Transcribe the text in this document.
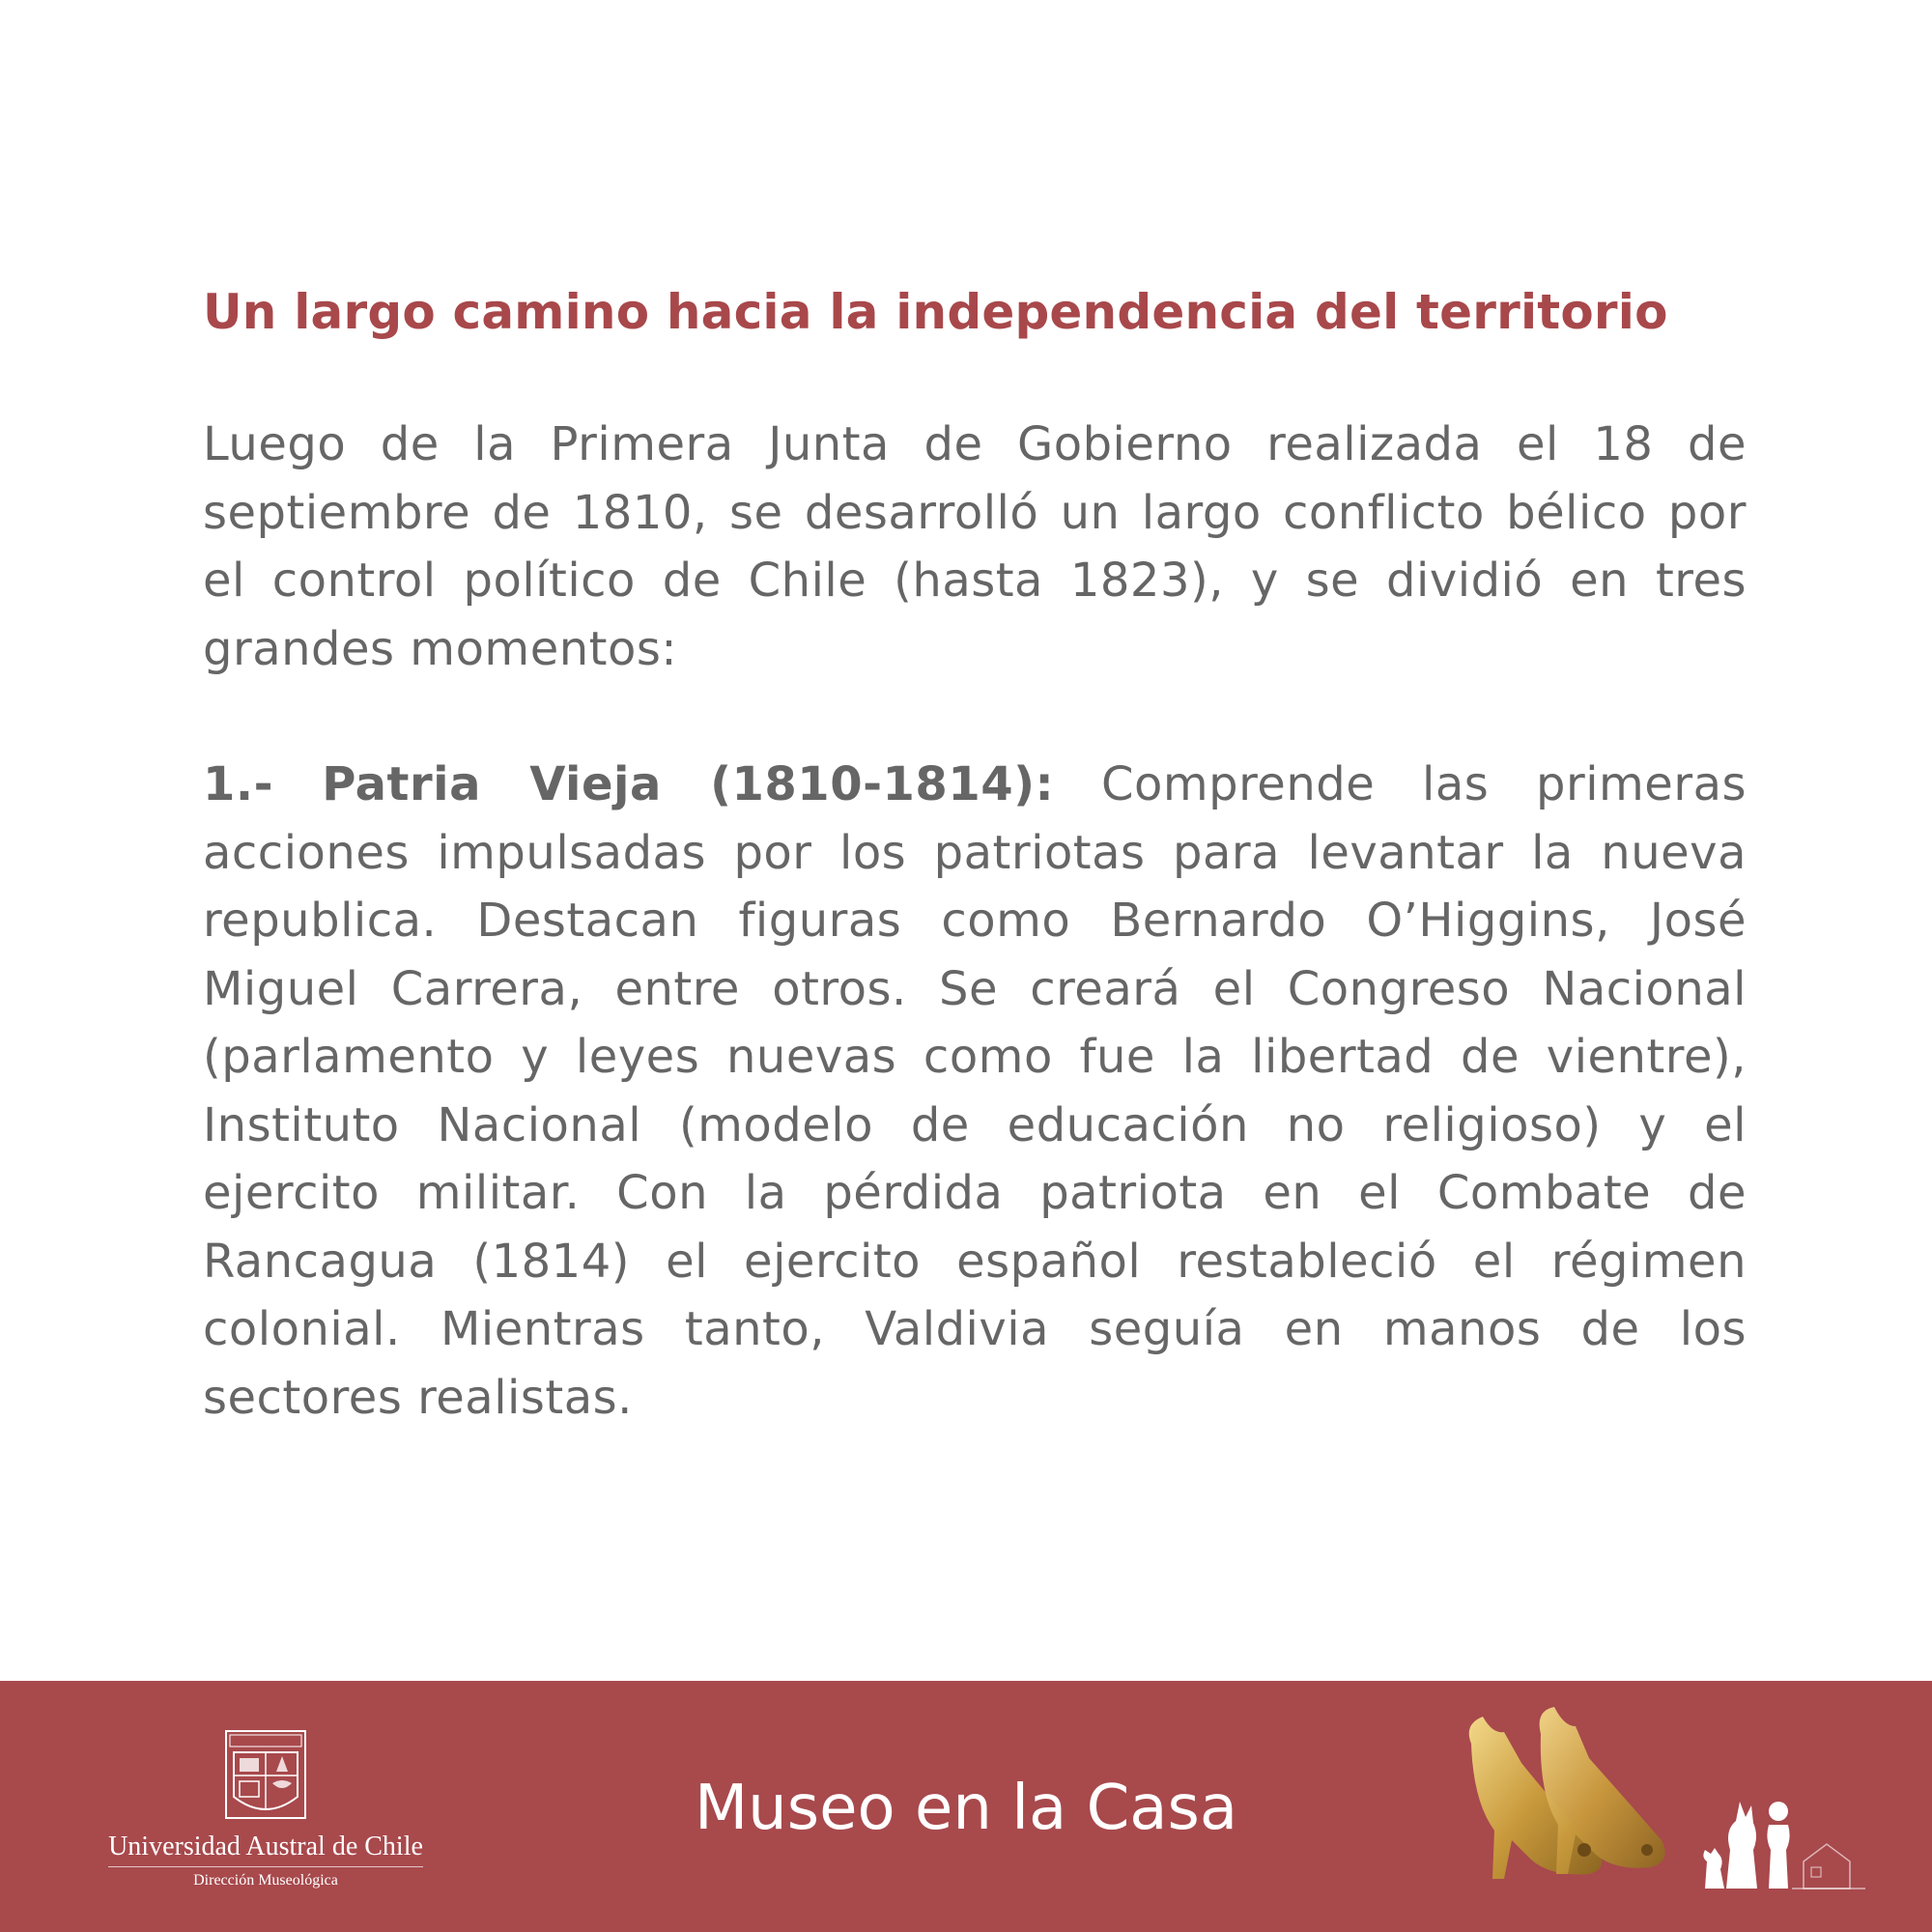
Un largo camino hacia la independencia del territorio

Luego de la Primera Junta de Gobierno realizada el 18 de septiembre de 1810, se desarrolló un largo conflicto bélico por el control político de Chile (hasta 1823), y se dividió en tres grandes momentos:

1.- Patria Vieja (1810-1814): Comprende las primeras acciones impulsadas por los patriotas para levantar la nueva republica. Destacan figuras como Bernardo O’Higgins, José Miguel Carrera, entre otros. Se creará el Congreso Nacional (parlamento y leyes nuevas como fue la libertad de vientre), Instituto Nacional (modelo de educación no religioso) y el ejercito militar. Con la pérdida patriota en el Combate de Rancagua (1814) el ejercito español restableció el régimen colonial. Mientras tanto, Valdivia seguía en manos de los sectores realistas.

Universidad Austral de Chile
Dirección Museológica
Museo en la Casa
